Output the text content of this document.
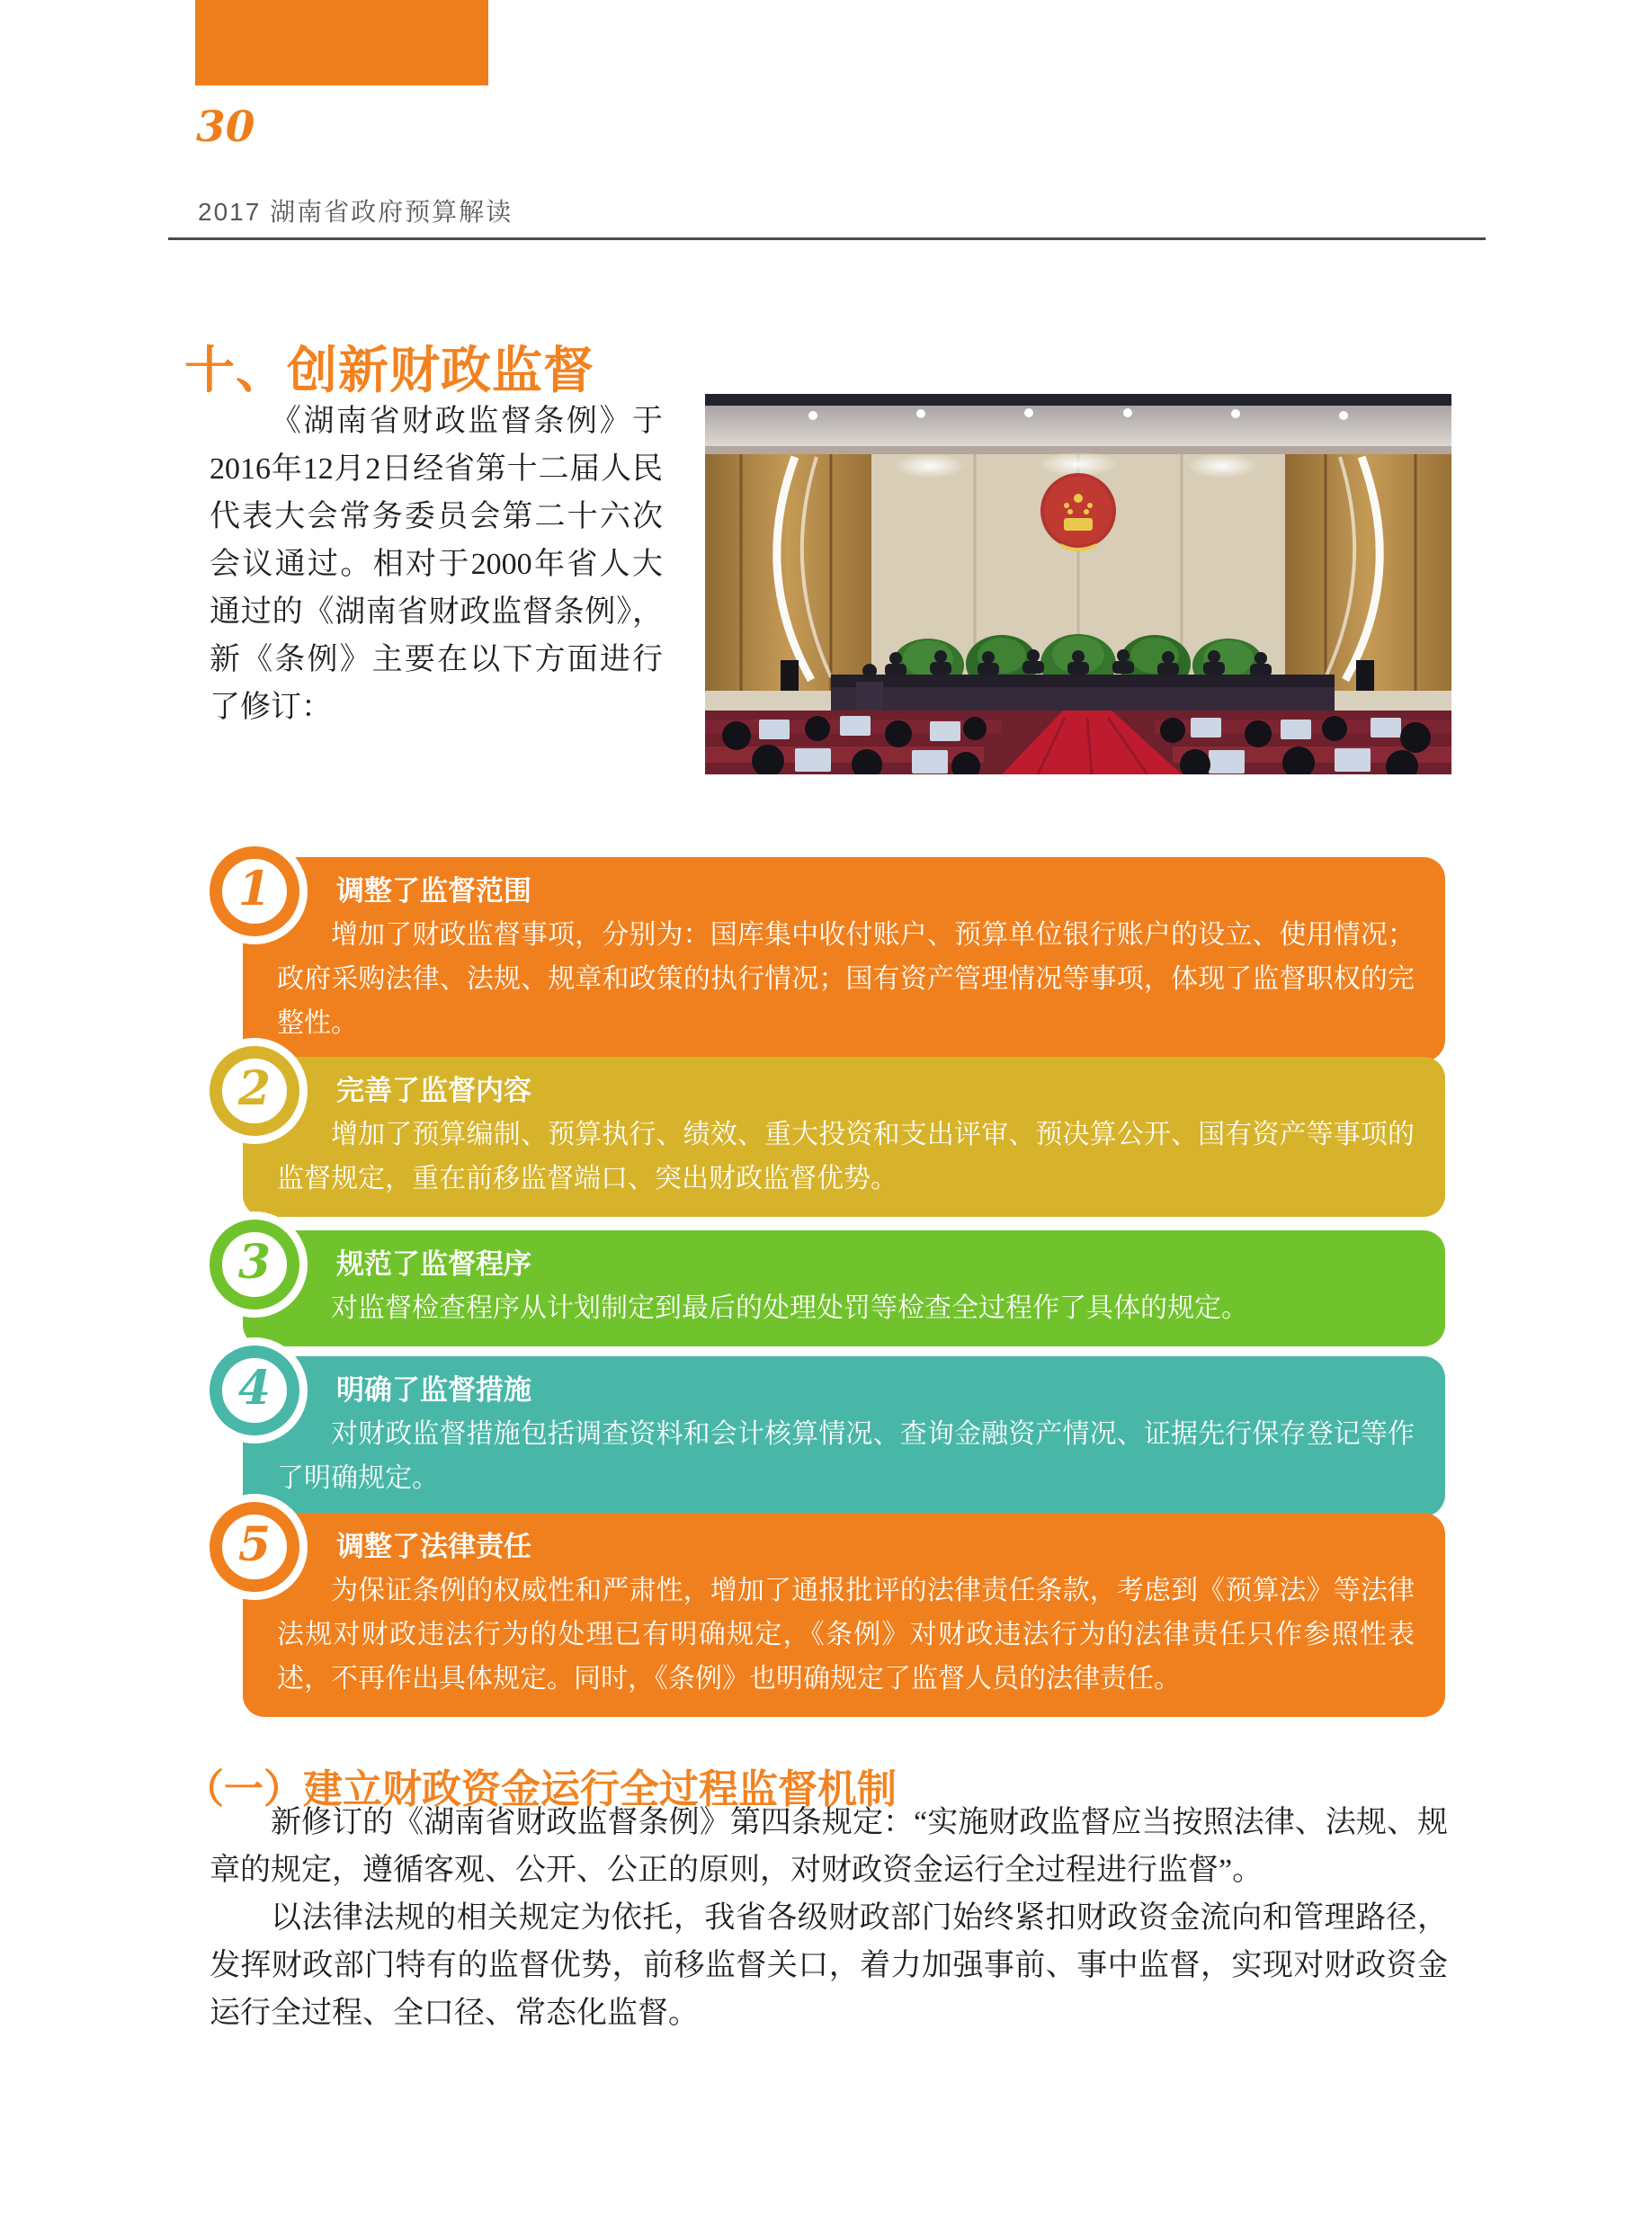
30
2017 湖南省政府预算解读
十、创新财政监督
《湖南省财政监督条例》于2016年12月2日经省第十二届人民代表大会常务委员会第二十六次会议通过。相对于2000年省人大通过的《湖南省财政监督条例》，新《条例》主要在以下方面进行了修订：
1	调整了监督范围
增加了财政监督事项，分别为：国库集中收付账户、预算单位银行账户的设立、使用情况；政府采购法律、法规、规章和政策的执行情况；国有资产管理情况等事项，体现了监督职权的完整性。
2	完善了监督内容
增加了预算编制、预算执行、绩效、重大投资和支出评审、预决算公开、国有资产等事项的监督规定，重在前移监督端口、突出财政监督优势。
3	规范了监督程序
对监督检查程序从计划制定到最后的处理处罚等检查全过程作了具体的规定。
4	明确了监督措施
对财政监督措施包括调查资料和会计核算情况、查询金融资产情况、证据先行保存登记等作了明确规定。
5	调整了法律责任
为保证条例的权威性和严肃性，增加了通报批评的法律责任条款，考虑到《预算法》等法律法规对财政违法行为的处理已有明确规定，《条例》对财政违法行为的法律责任只作参照性表述，不再作出具体规定。同时，《条例》也明确规定了监督人员的法律责任。
（一）建立财政资金运行全过程监督机制

新修订的《湖南省财政监督条例》第四条规定：“实施财政监督应当按照法律、法规、规章的规定，遵循客观、公开、公正的原则，对财政资金运行全过程进行监督”。

以法律法规的相关规定为依托，我省各级财政部门始终紧扣财政资金流向和管理路径，发挥财政部门特有的监督优势，前移监督关口，着力加强事前、事中监督，实现对财政资金运行全过程、全口径、常态化监督。
